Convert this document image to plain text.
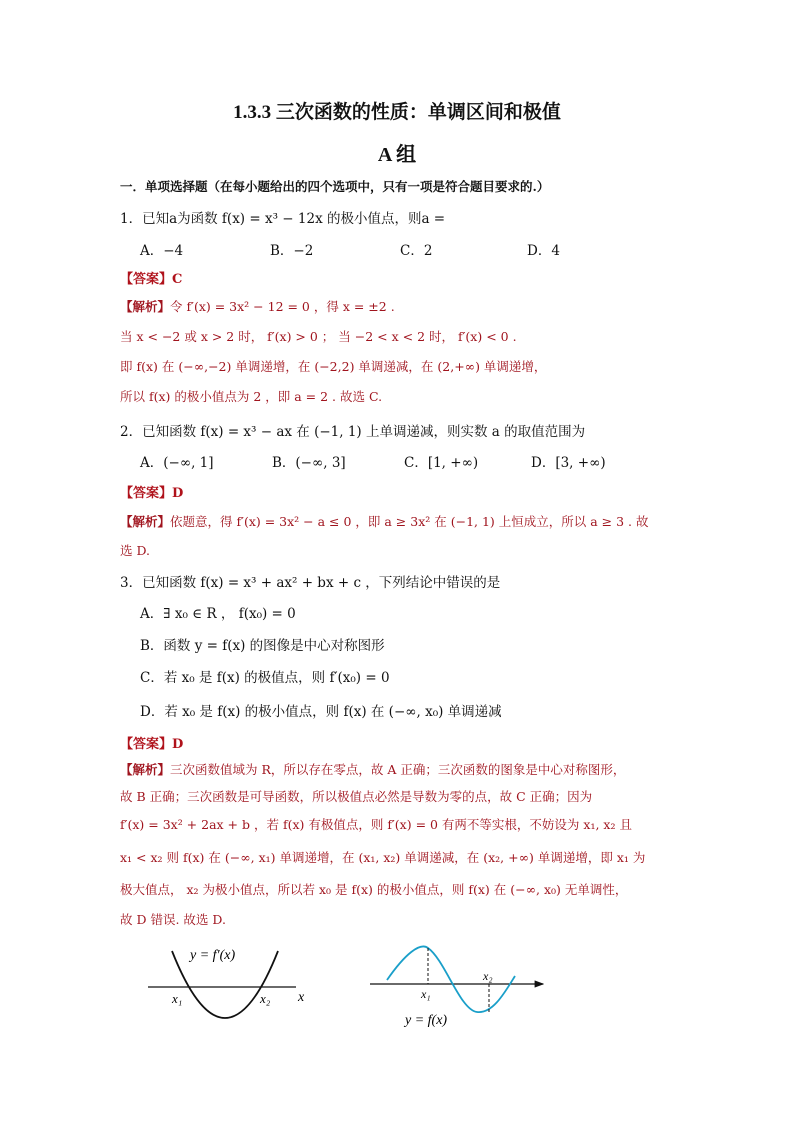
1.3.3 三次函数的性质：单调区间和极值
A 组
一．单项选择题（在每小题给出的四个选项中，只有一项是符合题目要求的.）
1．已知a为函数 f(x) = x³ − 12x 的极小值点，则a =
A．−4	B．−2	C．2	D．4
【答案】C
【解析】令 f′(x) = 3x² − 12 = 0 ，得 x = ±2 .
当 x < −2 或 x > 2 时， f′(x) > 0 ； 当 −2 < x < 2 时， f′(x) < 0 .
即 f(x) 在 (−∞,−2) 单调递增，在 (−2,2) 单调递减，在 (2,+∞) 单调递增，
所以 f(x) 的极小值点为 2 ，即 a = 2 . 故选 C.
2．已知函数 f(x) = x³ − ax 在 (−1, 1) 上单调递减，则实数 a 的取值范围为
A．(−∞, 1]	B．(−∞, 3]	C．[1, +∞)	D．[3, +∞)
【答案】D
【解析】依题意，得 f′(x) = 3x² − a ≤ 0 ，即 a ≥ 3x² 在 (−1, 1) 上恒成立，所以 a ≥ 3 . 故
选 D.
3．已知函数 f(x) = x³ + ax² + bx + c ，下列结论中错误的是
A．∃ x₀ ∈ R ， f(x₀) = 0
B．函数 y = f(x) 的图像是中心对称图形
C．若 x₀ 是 f(x) 的极值点，则 f′(x₀) = 0
D．若 x₀ 是 f(x) 的极小值点，则 f(x) 在 (−∞, x₀) 单调递减
【答案】D
【解析】三次函数值域为 R，所以存在零点，故 A 正确；三次函数的图象是中心对称图形，
故 B 正确；三次函数是可导函数，所以极值点必然是导数为零的点，故 C 正确；因为
f′(x) = 3x² + 2ax + b ，若 f(x) 有极值点，则 f′(x) = 0 有两不等实根，不妨设为 x₁, x₂ 且
x₁ < x₂ 则 f(x) 在 (−∞, x₁) 单调递增，在 (x₁, x₂) 单调递减，在 (x₂, +∞) 单调递增，即 x₁ 为
极大值点， x₂ 为极小值点，所以若 x₀ 是 f(x) 的极小值点，则 f(x) 在 (−∞, x₀) 无单调性，
故 D 错误. 故选 D.
y = f′(x)
x₁	x₂ x	x₁
x₂
y = f(x)
